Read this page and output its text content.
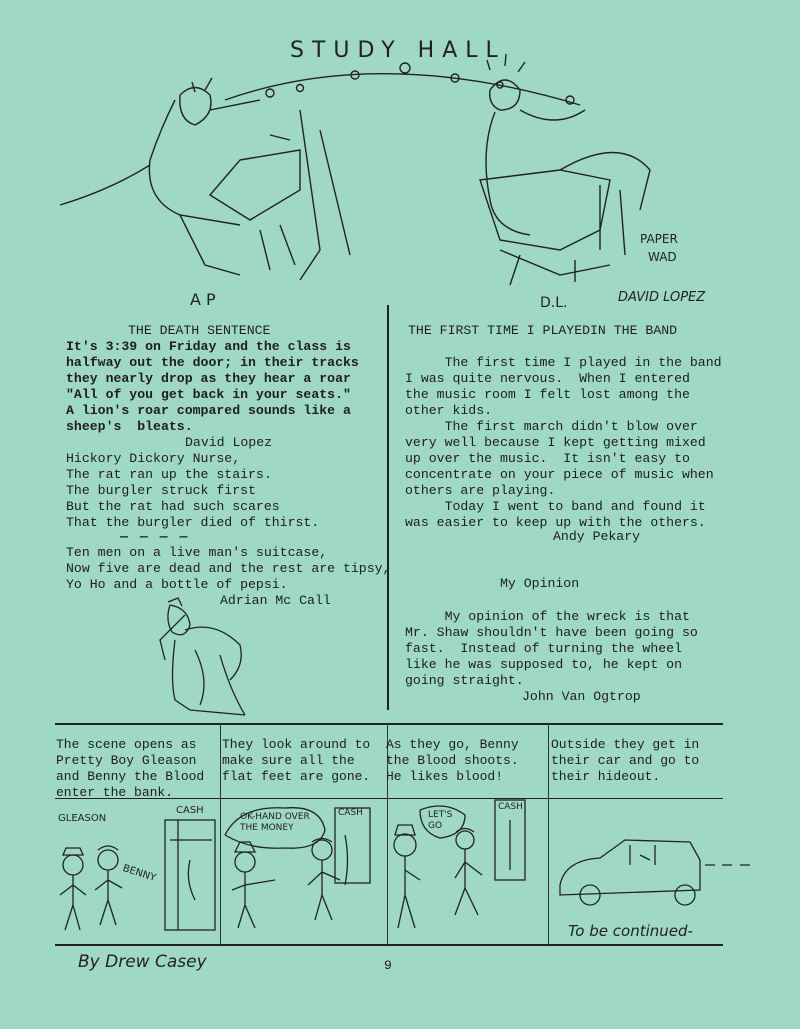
STUDY HALL
PAPER
WAD
A P	D.L.	DAVID LOPEZ
THE DEATH SENTENCE
It's 3:39 on Friday and the class is
halfway out the door; in their tracks
they nearly drop as they hear a roar
"All of you get back in your seats."
A lion's roar compared sounds like a
sheep's  bleats.
David Lopez
Hickory Dickory Nurse,
The rat ran up the stairs.
The burgler struck first
But the rat had such scares
That the burgler died of thirst.
— — — —
Ten men on a live man's suitcase,
Now five are dead and the rest are tipsy,
Yo Ho and a bottle of pepsi.
Adrian Mc Call
THE FIRST TIME I PLAYEDIN THE BAND
The first time I played in the band
I was quite nervous.  When I entered
the music room I felt lost among the
other kids.
The first march didn't blow over
very well because I kept getting mixed
up over the music.  It isn't easy to
concentrate on your piece of music when
others are playing.
Today I went to band and found it
was easier to keep up with the others.
Andy Pekary
My Opinion
My opinion of the wreck is that
Mr. Shaw shouldn't have been going so
fast.  Instead of turning the wheel
like he was supposed to, he kept on
going straight.
John Van Ogtrop
The scene opens as
Pretty Boy Gleason
and Benny the Blood
enter the bank.
They look around to
make sure all the
flat feet are gone.
As they go, Benny
the Blood shoots.
He likes blood!
Outside they get in
their car and go to
their hideout.
GLEASON
BENNY
CASH
OK-HAND OVER THE MONEY
CASH	LET'S GO
CASH
To be continued-
By Drew Casey	9
